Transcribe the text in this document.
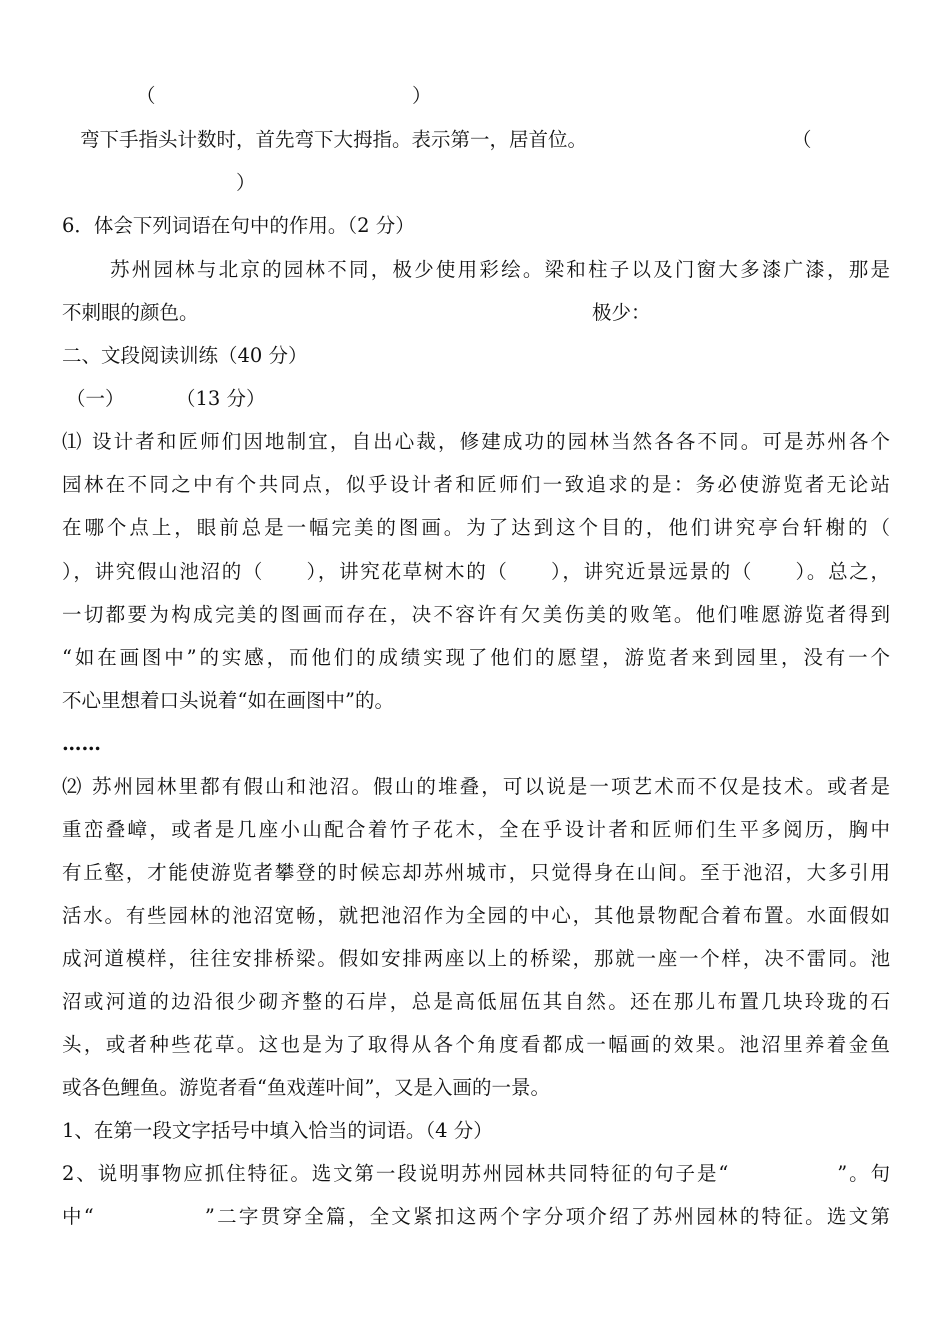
（	）
弯下手指头计数时，首先弯下大拇指。表示第一，居首位。	（
）
6．体会下列词语在句中的作用。（2 分）
苏州园林与北京的园林不同，极少使用彩绘。梁和柱子以及门窗大多漆广漆，那是
不刺眼的颜色。	极少：
二、文段阅读训练（40 分）
（一）	（13 分）
⑴ 设计者和匠师们因地制宜，自出心裁，修建成功的园林当然各各不同。可是苏州各个
园林在不同之中有个共同点，似乎设计者和匠师们一致追求的是：务必使游览者无论站
在哪个点上，眼前总是一幅完美的图画。为了达到这个目的，他们讲究亭台轩榭的（
），讲究假山池沼的（　　），讲究花草树木的（　　），讲究近景远景的（　　）。总之，
一切都要为构成完美的图画而存在，决不容许有欠美伤美的败笔。他们唯愿游览者得到
“如在画图中”的实感，而他们的成绩实现了他们的愿望，游览者来到园里，没有一个
不心里想着口头说着“如在画图中”的。
……
⑵ 苏州园林里都有假山和池沼。假山的堆叠，可以说是一项艺术而不仅是技术。或者是
重峦叠嶂，或者是几座小山配合着竹子花木，全在乎设计者和匠师们生平多阅历，胸中
有丘壑，才能使游览者攀登的时候忘却苏州城市，只觉得身在山间。至于池沼，大多引用
活水。有些园林的池沼宽畅，就把池沼作为全园的中心，其他景物配合着布置。水面假如
成河道模样，往往安排桥梁。假如安排两座以上的桥梁，那就一座一个样，决不雷同。池
沼或河道的边沿很少砌齐整的石岸，总是高低屈伍其自然。还在那儿布置几块玲珑的石
头，或者种些花草。这也是为了取得从各个角度看都成一幅画的效果。池沼里养着金鱼
或各色鲤鱼。游览者看“鱼戏莲叶间”，又是入画的一景。
1、在第一段文字括号中填入恰当的词语。（4 分）
2、说明事物应抓住特征。选文第一段说明苏州园林共同特征的句子是“　　　　　”。句
中“　　　　　”二字贯穿全篇，全文紧扣这两个字分项介绍了苏州园林的特征。选文第
